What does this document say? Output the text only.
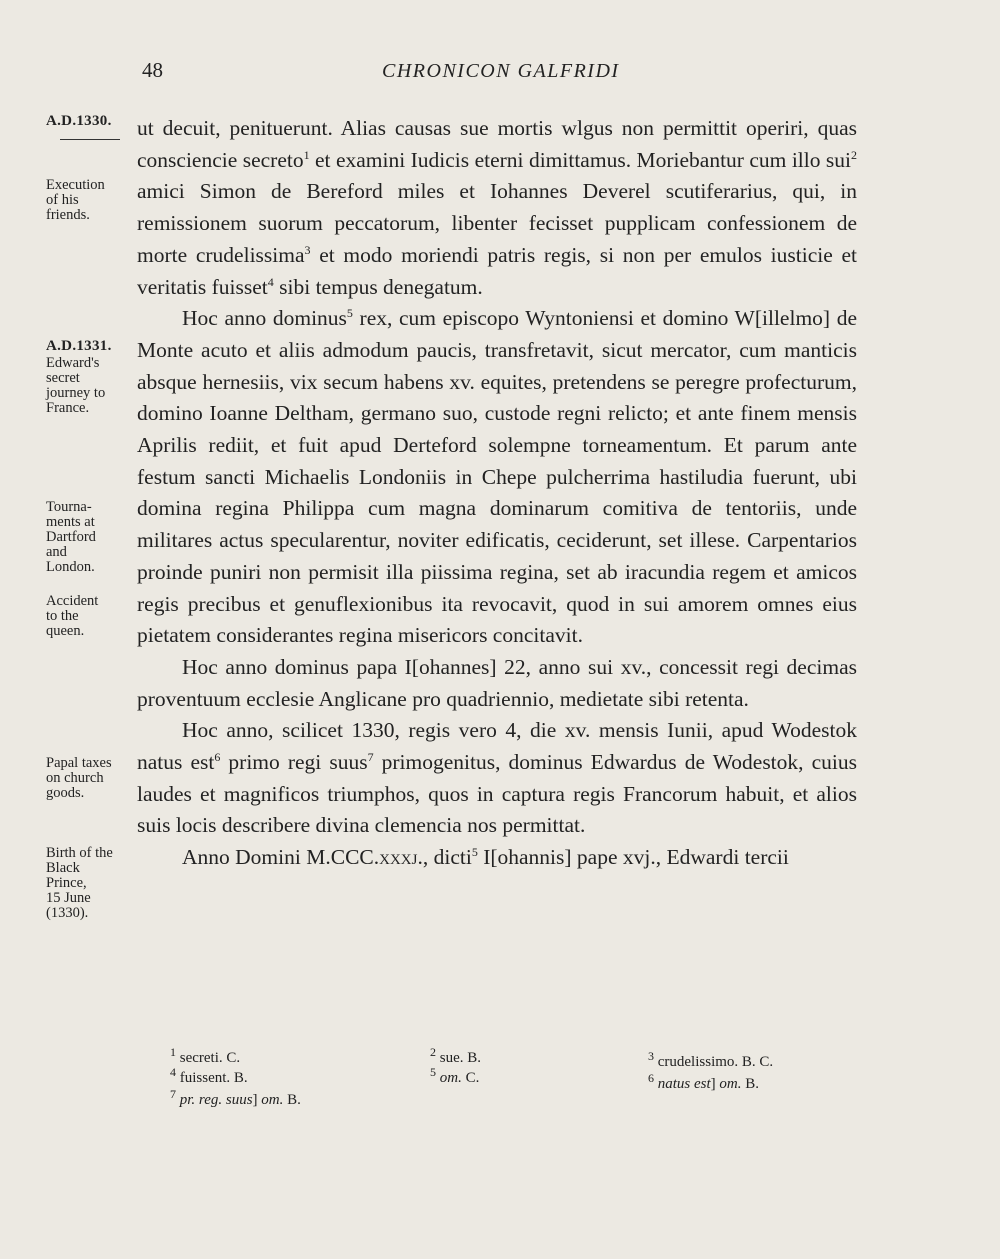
48	CHRONICON GALFRIDI
A.D.1330.
Execution
of his
friends.
A.D.1331.
Edward's
secret
journey to
France.
Tourna-
ments at
Dartford
and
London.
Accident
to the
queen.
Papal taxes
on church
goods.
Birth of the
Black
Prince,
15 June
(1330).

ut decuit, penituerunt. Alias causas sue mortis wlgus non permittit operiri, quas consciencie secreto$^1$ et examini Iudicis eterni dimittamus. Moriebantur cum illo sui$^2$ amici Simon de Bereford miles et Iohannes Deverel scutiferarius, qui, in remissionem suorum peccatorum, libenter fecisset pupplicam confessionem de morte crudelissima$^3$ et modo moriendi patris regis, si non per emulos iusticie et veritatis fuisset$^4$ sibi tempus denegatum.

Hoc anno dominus$^5$ rex, cum episcopo Wyntoniensi et domino W[illelmo] de Monte acuto et aliis admodum paucis, transfretavit, sicut mercator, cum manticis absque hernesiis, vix secum habens xv. equites, pretendens se peregre profecturum, domino Ioanne Deltham, germano suo, custode regni relicto; et ante finem mensis Aprilis rediit, et fuit apud Derteford solempne torneamentum. Et parum ante festum sancti Michaelis Londoniis in Chepe pulcherrima hastiludia fuerunt, ubi domina regina Philippa cum magna dominarum comitiva de tentoriis, unde militares actus specularentur, noviter edificatis, ceciderunt, set illese. Carpentarios proinde puniri non permisit illa piissima regina, set ab iracundia regem et amicos regis precibus et genuflexionibus ita revocavit, quod in sui amorem omnes eius pietatem considerantes regina misericors concitavit.

Hoc anno dominus papa I[ohannes] 22, anno sui xv., concessit regi decimas proventuum ecclesie Anglicane pro quadriennio, medietate sibi retenta.

Hoc anno, scilicet 1330, regis vero 4, die xv. mensis Iunii, apud Wodestok natus est$^6$ primo regi suus$^7$ primogenitus, dominus Edwardus de Wodestok, cuius laudes et magnificos triumphos, quos in captura regis Francorum habuit, et alios suis locis describere divina clemencia nos permittat.

Anno Domini M.CCC.xxxj., dicti$^5$ I[ohannis] pape xvj., Edwardi tercii

$^1$ secreti. C.	$^2$ sue. B.	$^3$ crudelissimo. B. C.
$^4$ fuissent. B.	$^5$ om. C.	$^6$ natus est] om. B.
$^7$ pr. reg. suus] om. B.
